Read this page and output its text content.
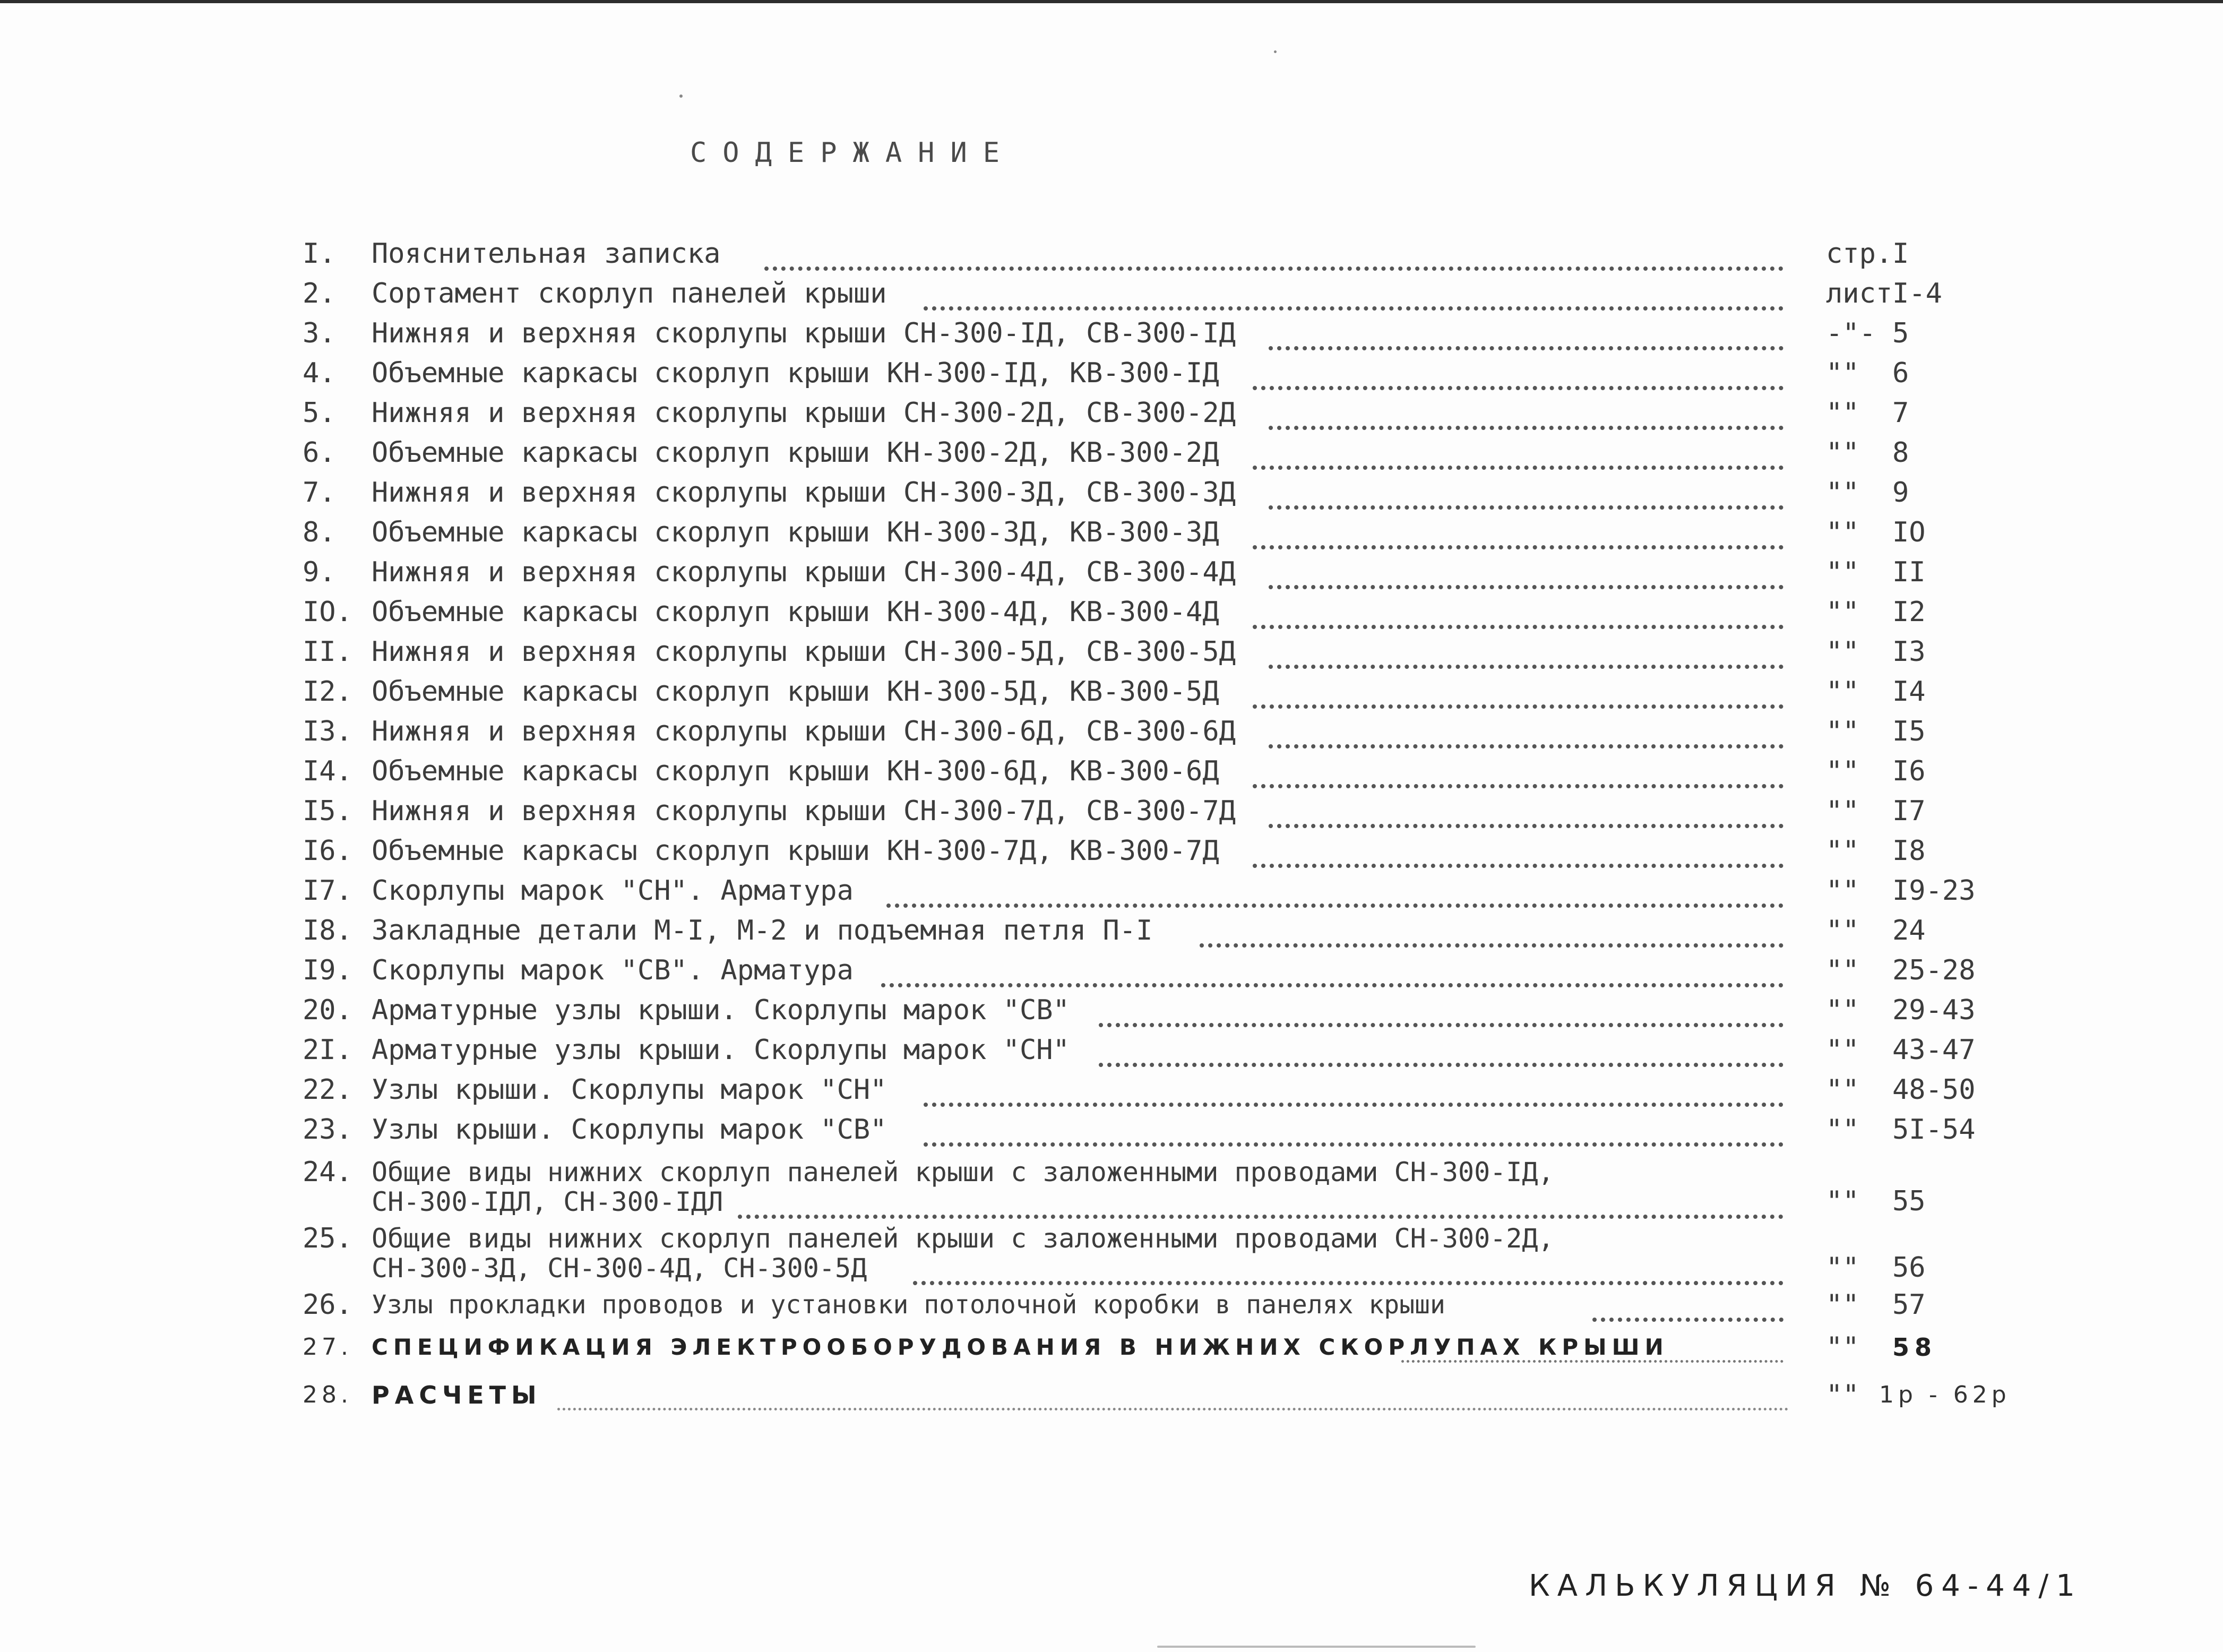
СОДЕРЖАНИЕ
I.	Пояснительная записка	стр. I
2.	Сортамент скорлуп панелей крыши	лист I-4
3.	Нижняя и верхняя скорлупы крыши СН-300-IД, СВ-300-IД	-"- 5
4.	Объемные каркасы скорлуп крыши КН-300-IД, КВ-300-IД	"" 6
5.	Нижняя и верхняя скорлупы крыши СН-300-2Д, СВ-300-2Д	"" 7
6.	Объемные каркасы скорлуп крыши КН-300-2Д, КВ-300-2Д	"" 8
7.	Нижняя и верхняя скорлупы крыши СН-300-3Д, СВ-300-3Д	"" 9
8.	Объемные каркасы скорлуп крыши КН-300-3Д, КВ-300-3Д	"" IO
9.	Нижняя и верхняя скорлупы крыши СН-300-4Д, СВ-300-4Д	"" II
IO. Объемные каркасы скорлуп крыши КН-300-4Д, КВ-300-4Д	"" I2
II. Нижняя и верхняя скорлупы крыши СН-300-5Д, СВ-300-5Д	"" I3
I2. Объемные каркасы скорлуп крыши КН-300-5Д, КВ-300-5Д	"" I4
I3. Нижняя и верхняя скорлупы крыши СН-300-6Д, СВ-300-6Д	"" I5
I4. Объемные каркасы скорлуп крыши КН-300-6Д, КВ-300-6Д	"" I6
I5. Нижняя и верхняя скорлупы крыши СН-300-7Д, СВ-300-7Д	"" I7
I6. Объемные каркасы скорлуп крыши КН-300-7Д, КВ-300-7Д	"" I8
I7. Скорлупы марок "СН". Арматура	"" I9-23
I8. Закладные детали М-I, М-2 и подъемная петля П-I	"" 24
I9. Скорлупы марок "СВ". Арматура	"" 25-28
20. Арматурные узлы крыши. Скорлупы марок "СВ"	"" 29-43
2I. Арматурные узлы крыши. Скорлупы марок "СН"	"" 43-47
22. Узлы крыши. Скорлупы марок "СН"	"" 48-50
23. Узлы крыши. Скорлупы марок "СВ"	"" 5I-54
24. Общие виды нижних скорлуп панелей крыши с заложенными проводами СН-300-IД,
СН-300-IДЛ, СН-300-IДЛ	"" 55
25. Общие виды нижних скорлуп панелей крыши с заложенными проводами СН-300-2Д,
СН-300-3Д, СН-300-4Д, СН-300-5Д	"" 56
26. Узлы прокладки проводов и установки потолочной коробки в панелях крыши	"" 57
27. СПЕЦИФИКАЦИЯ ЭЛЕКТРООБОРУДОВАНИЯ В НИЖНИХ СКОРЛУПАХ КРЫШИ	"" 58
28. РАСЧЕТЫ	"" 1р - 62р
КАЛЬКУЛЯЦИЯ № 64-44/1
